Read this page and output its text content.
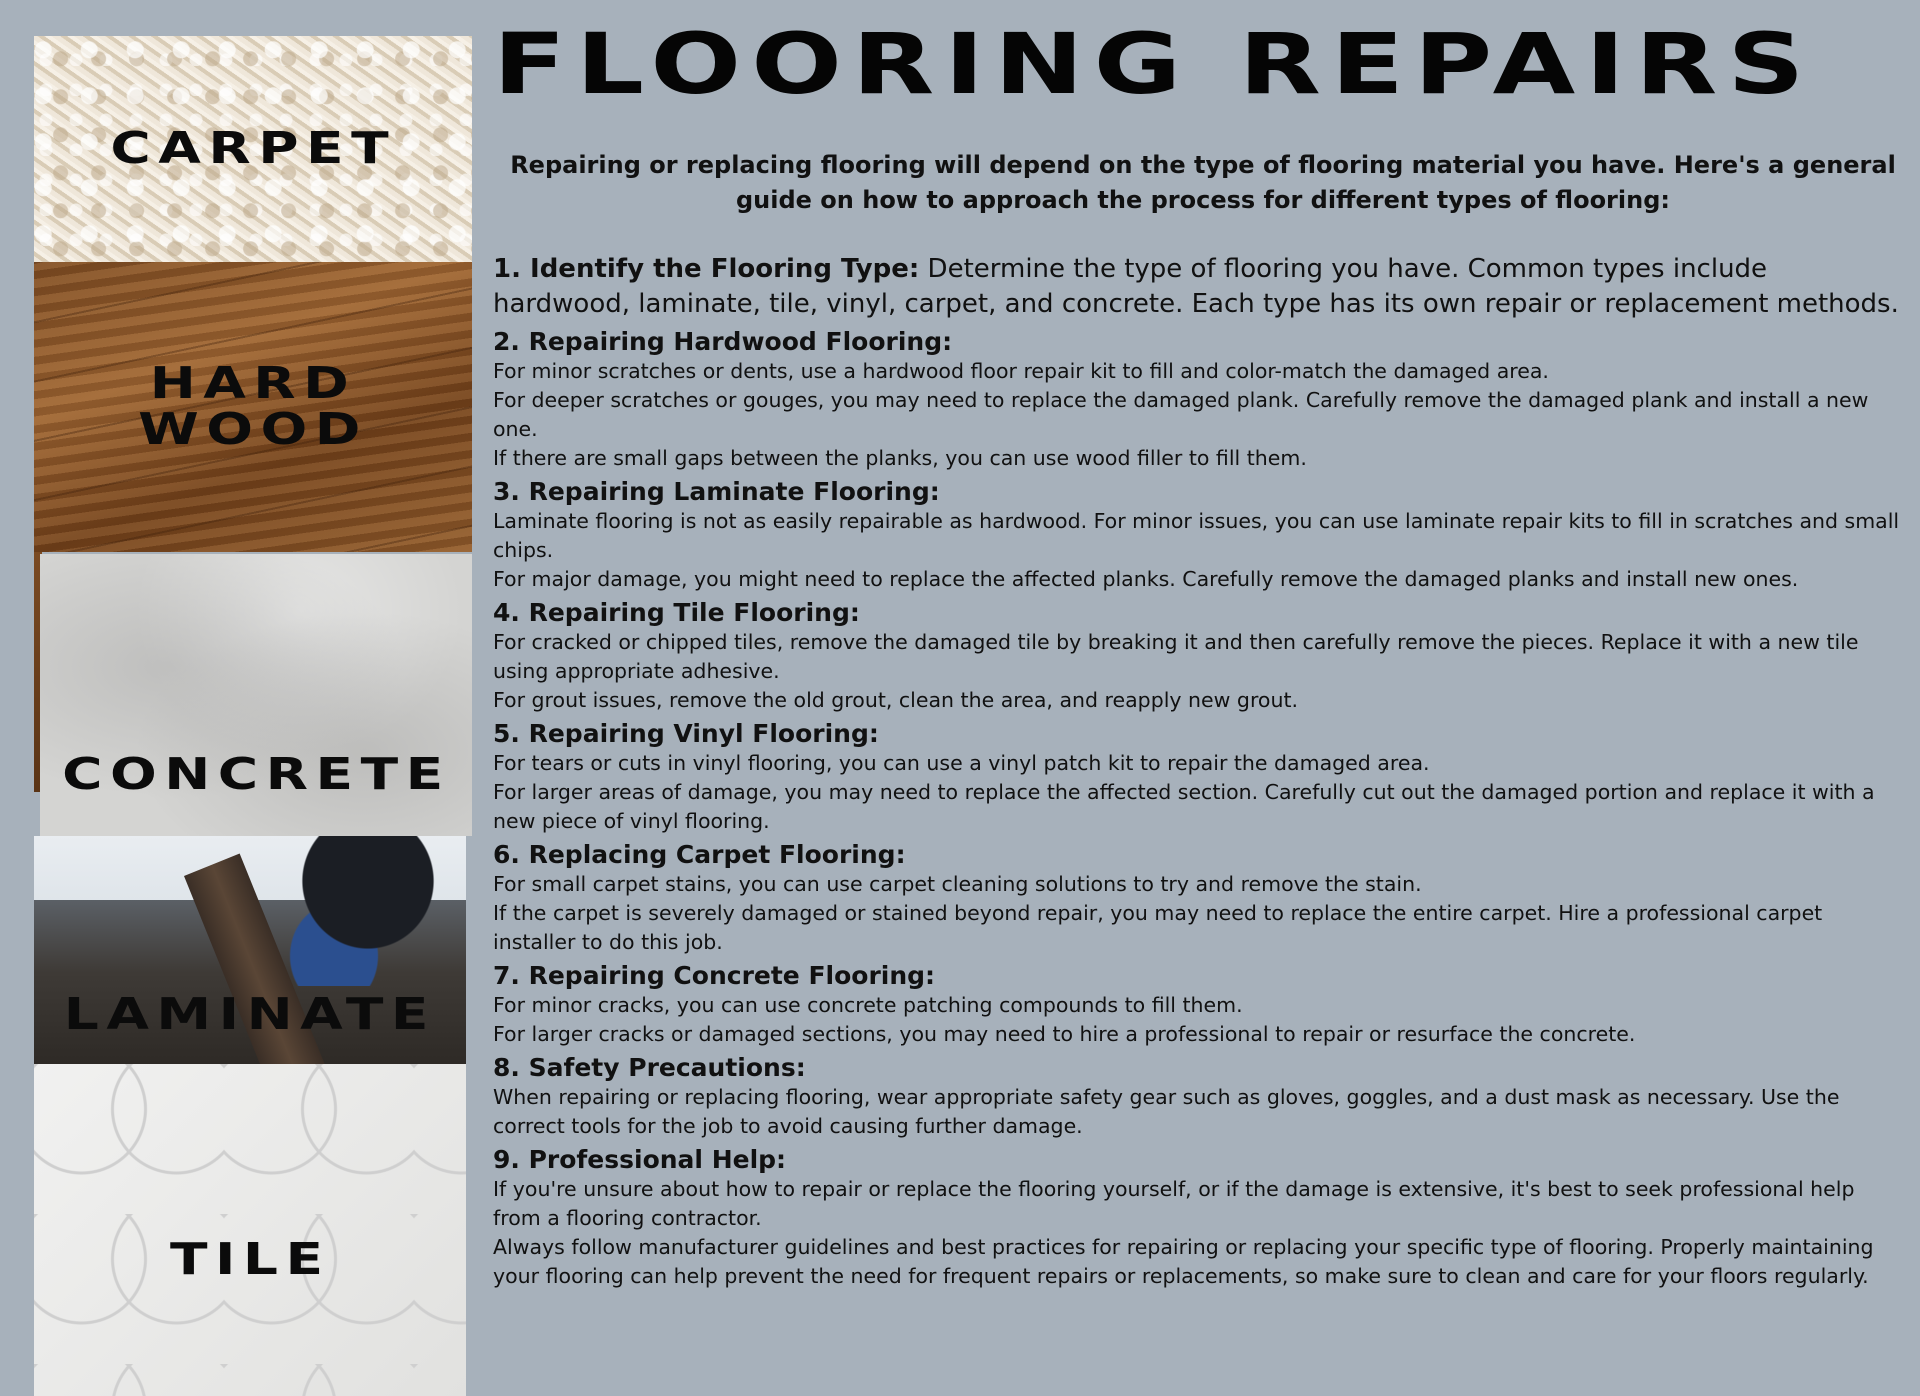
CARPET
HARD WOOD
CONCRETE
LAMINATE
TILE
FLOORING REPAIRS

Repairing or replacing flooring will depend on the type of flooring material you have. Here's a general guide on how to approach the process for different types of flooring:

1. Identify the Flooring Type: Determine the type of flooring you have. Common types include hardwood, laminate, tile, vinyl, carpet, and concrete. Each type has its own repair or replacement methods.

2. Repairing Hardwood Flooring:

For minor scratches or dents, use a hardwood floor repair kit to fill and color-match the damaged area.

For deeper scratches or gouges, you may need to replace the damaged plank. Carefully remove the damaged plank and install a new one.

If there are small gaps between the planks, you can use wood filler to fill them.

3. Repairing Laminate Flooring:

Laminate flooring is not as easily repairable as hardwood. For minor issues, you can use laminate repair kits to fill in scratches and small chips.

For major damage, you might need to replace the affected planks. Carefully remove the damaged planks and install new ones.

4. Repairing Tile Flooring:

For cracked or chipped tiles, remove the damaged tile by breaking it and then carefully remove the pieces. Replace it with a new tile using appropriate adhesive.

For grout issues, remove the old grout, clean the area, and reapply new grout.

5. Repairing Vinyl Flooring:

For tears or cuts in vinyl flooring, you can use a vinyl patch kit to repair the damaged area.

For larger areas of damage, you may need to replace the affected section. Carefully cut out the damaged portion and replace it with a new piece of vinyl flooring.

6. Replacing Carpet Flooring:

For small carpet stains, you can use carpet cleaning solutions to try and remove the stain.

If the carpet is severely damaged or stained beyond repair, you may need to replace the entire carpet. Hire a professional carpet installer to do this job.

7. Repairing Concrete Flooring:

For minor cracks, you can use concrete patching compounds to fill them.

For larger cracks or damaged sections, you may need to hire a professional to repair or resurface the concrete.

8. Safety Precautions:

When repairing or replacing flooring, wear appropriate safety gear such as gloves, goggles, and a dust mask as necessary. Use the correct tools for the job to avoid causing further damage.

9. Professional Help:

If you're unsure about how to repair or replace the flooring yourself, or if the damage is extensive, it's best to seek professional help from a flooring contractor.

Always follow manufacturer guidelines and best practices for repairing or replacing your specific type of flooring. Properly maintaining your flooring can help prevent the need for frequent repairs or replacements, so make sure to clean and care for your floors regularly.
